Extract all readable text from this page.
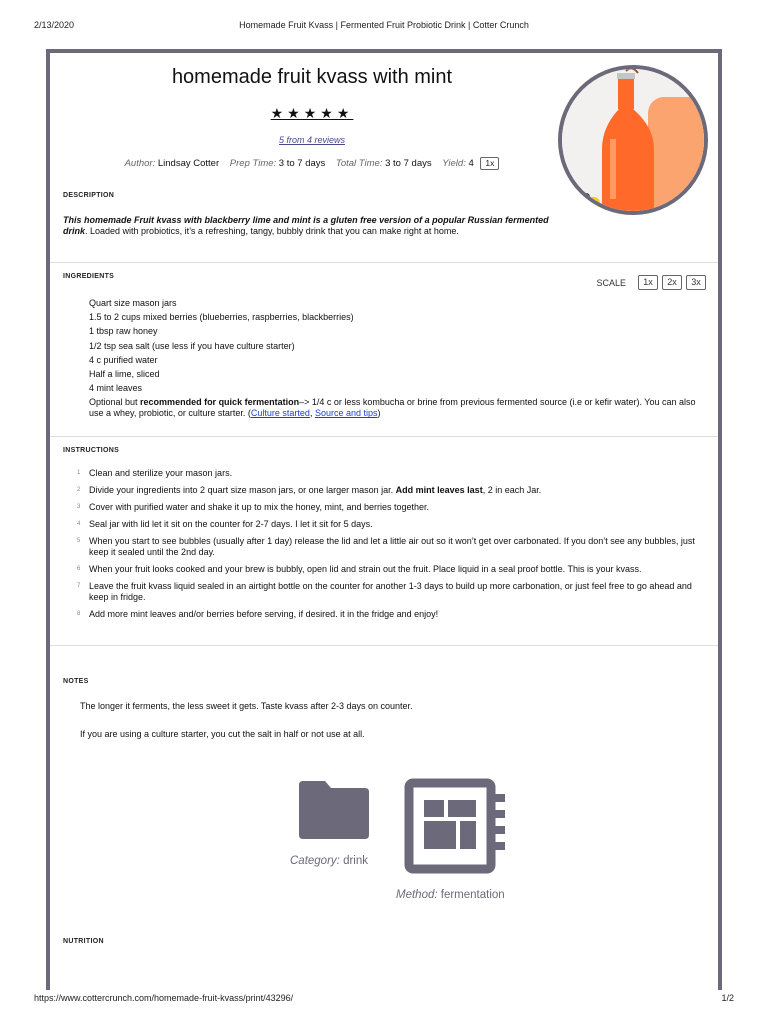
2/13/2020	Homemade Fruit Kvass | Fermented Fruit Probiotic Drink | Cotter Crunch
homemade fruit kvass with mint
★★★★★
5 from 4 reviews
Author: Lindsay Cotter Prep Time: 3 to 7 days Total Time: 3 to 7 days Yield: 4 1x
DESCRIPTION

This homemade Fruit kvass with blackberry lime and mint is a gluten free version of a popular Russian fermented drink. Loaded with probiotics, it’s a refreshing, tangy, bubbly drink that you can make right at home.

INGREDIENTS
SCALE	1x	2x	3x
Quart size mason jars
1.5 to 2 cups mixed berries (blueberries, raspberries, blackberries)
1 tbsp raw honey
1/2 tsp sea salt (use less if you have culture starter)
4 c purified water
Half a lime, sliced
4 mint leaves
Optional but recommended for quick fermentation–> 1/4 c or less kombucha or brine from previous fermented source (i.e or kefir water). You can also use a whey, probiotic, or culture starter. (Culture started, Source and tips)
INSTRUCTIONS
1 Clean and sterilize your mason jars.
2 Divide your ingredients into 2 quart size mason jars, or one larger mason jar. Add mint leaves last, 2 in each Jar.
3 Cover with purified water and shake it up to mix the honey, mint, and berries together.
4 Seal jar with lid let it sit on the counter for 2-7 days. I let it sit for 5 days.
5 When you start to see bubbles (usually after 1 day) release the lid and let a little air out so it won’t get over carbonated. If you don’t see any bubbles, just keep it sealed until the 2nd day.
6 When your fruit looks cooked and your brew is bubbly, open lid and strain out the fruit. Place liquid in a seal proof bottle. This is your kvass.
7 Leave the fruit kvass liquid sealed in an airtight bottle on the counter for another 1-3 days to build up more carbonation, or just feel free to go ahead and keep in fridge.
8 Add more mint leaves and/or berries before serving, if desired. it in the fridge and enjoy!
NOTES

The longer it ferments, the less sweet it gets. Taste kvass after 2-3 days on counter.

If you are using a culture starter, you cut the salt in half or not use at all.

Category: drink
Method: fermentation
NUTRITION
https://www.cottercrunch.com/homemade-fruit-kvass/print/43296/	1/2
